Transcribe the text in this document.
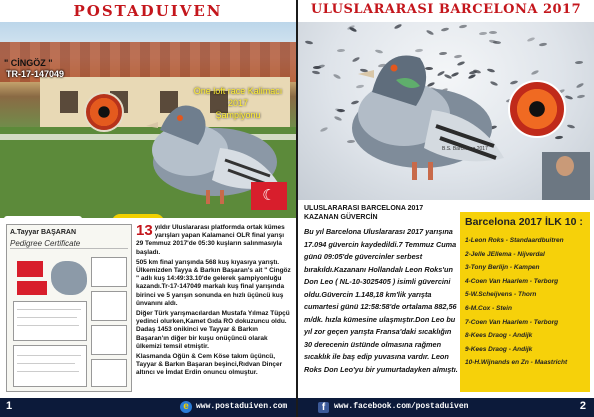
POSTADUIVEN
" CİNGÖZ "
TR-17-147049
One loft race Kalimacı 2017
Şampiyonu
☾
A.Tayyar BAŞARAN
Pedigree Certificate

13 yıldır Uluslararası platformda ortak kümes yarışları yapan Kalamanci OLR final yarışı 29 Temmuz 2017'de 05:30 kuşların salınmasıyla başladı.

505 km final yarışında 568 kuş kıyasıya yarıştı. Ülkemizden Tayya & Barkın Başaran's ait " Cingöz " adlı kuş 14:49:33.10'de gelerek şampiyonluğu kazandı.Tr-17-147049 markalı kuş final yarışında birinci ve 5 yarışın sonunda en hızlı üçüncü kuş ünvanını aldı.

Diğer Türk yarışmacılardan Mustafa Yılmaz Tüpçü yedinci olurken,Kamet Gıda RO dokuzuncu oldu. Dadaş 1453 onikinci ve Tayyar & Barkın Başaran'ın diğer bir kuşu onüçüncü olarak ülkemizi temsil etmiştir.

Klasmanda Oğün & Cem Köse takım üçüncü, Tayyar & Barkın Başaran beşinci,Rıdvan Dinçer altıncı ve İmdat Erdin onuncu olmuştur.

1	e www.postaduiven.com
ULUSLARARASI BARCELONA 2017
B.S. Barcelona 2017
ULUSLARARASI BARCELONA 2017 KAZANAN GÜVERCİN
Bu yıl Barcelona Uluslararası 2017 yarışına 17.094 güvercin kaydedildi.7 Temmuz Cuma günü 09:05'de güvercinler serbest bırakıldı.Kazananı Hollandalı Leon Roks'un Don Leo ( NL-10-3025405 ) isimli güvercini oldu.Güvercin 1.148,18 km'lik yarışta cumartesi günü 12:58:58'de ortalama 882,56 m/dk. hızla kümesine ulaşmıştır.Don Leo bu yıl zor geçen yarışta Fransa'daki sıcaklığın 30 derecenin üstünde olmasına rağmen sıcaklık ile baş edip yuvasına vardır. Leon Roks Don Leo'yu bir yumurtadayken almıştı.
Barcelona 2017 İLK 10 :
1-Leon Roks - Standaardbuitren
2-Jelle JEllema - Nijverdal
3-Tony Berlijn - Kampen
4-Coen Van Haarlem - Terborg
5-W.Scheijvens - Thorn
6-M.Cox - Stein
7-Coen Van Haarlem - Terborg
8-Kees Draog - Andijk
9-Kees Draog - Andijk
10-H.Wijnands en Zn - Maastricht
f	www.facebook.com/postaduiven	2
